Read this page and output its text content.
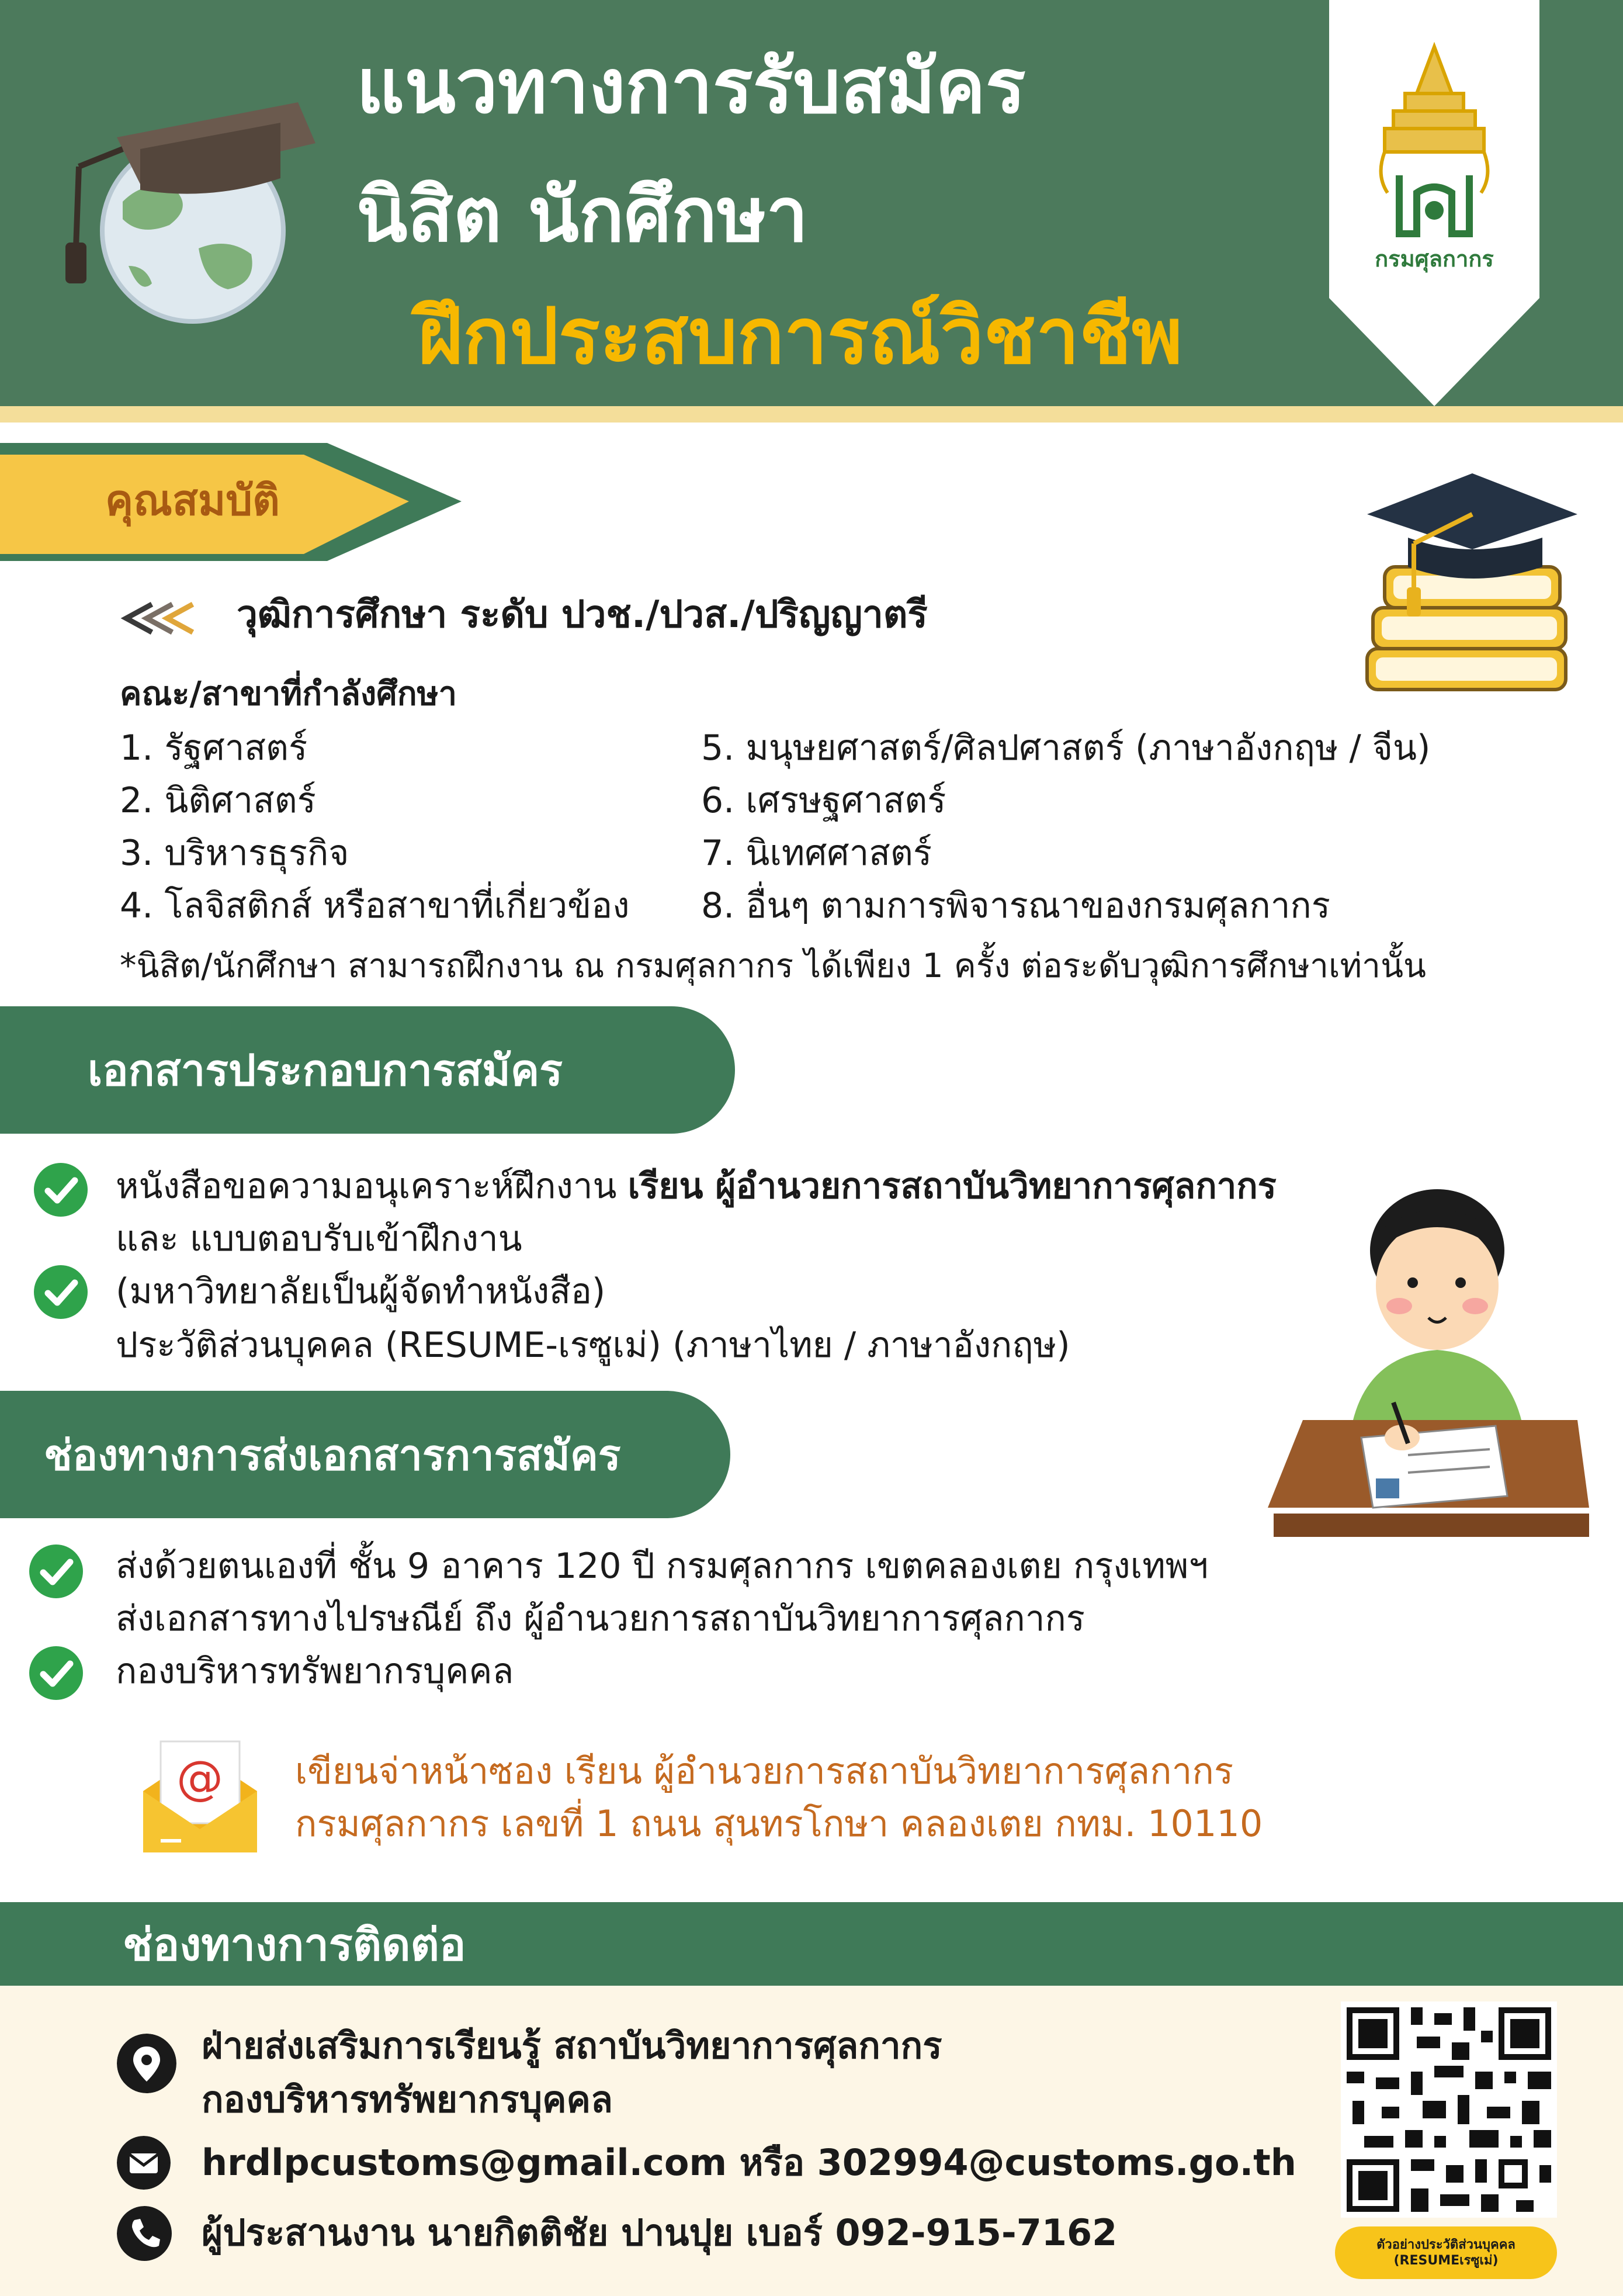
แนวทางการรับสมัคร
นิสิต นักศึกษา
ฝึกประสบการณ์วิชาชีพ
กรมศุลกากร
คุณสมบัติ
วุฒิการศึกษา ระดับ ปวช./ปวส./ปริญญาตรี
คณะ/สาขาที่กำลังศึกษา
1. รัฐศาสตร์
2. นิติศาสตร์
3. บริหารธุรกิจ
4. โลจิสติกส์ หรือสาขาที่เกี่ยวข้อง
5. มนุษยศาสตร์/ศิลปศาสตร์ (ภาษาอังกฤษ / จีน)
6. เศรษฐศาสตร์
7. นิเทศศาสตร์
8. อื่นๆ ตามการพิจารณาของกรมศุลกากร
*นิสิต/นักศึกษา สามารถฝึกงาน ณ กรมศุลกากร ได้เพียง 1 ครั้ง ต่อระดับวุฒิการศึกษาเท่านั้น
เอกสารประกอบการสมัคร
หนังสือขอความอนุเคราะห์ฝึกงาน เรียน ผู้อำนวยการสถาบันวิทยาการศุลกากร
และ แบบตอบรับเข้าฝึกงาน
(มหาวิทยาลัยเป็นผู้จัดทำหนังสือ)
ประวัติส่วนบุคคล (RESUME-เรซูเม่) (ภาษาไทย / ภาษาอังกฤษ)
ช่องทางการส่งเอกสารการสมัคร
ส่งด้วยตนเองที่ ชั้น 9 อาคาร 120 ปี กรมศุลกากร เขตคลองเตย กรุงเทพฯ
ส่งเอกสารทางไปรษณีย์ ถึง ผู้อำนวยการสถาบันวิทยาการศุลกากร
กองบริหารทรัพยากรบุคคล
@ เขียนจ่าหน้าซอง เรียน ผู้อำนวยการสถาบันวิทยาการศุลกากร
กรมศุลกากร เลขที่ 1 ถนน สุนทรโกษา คลองเตย กทม. 10110
ช่องทางการติดต่อ
ฝ่ายส่งเสริมการเรียนรู้ สถาบันวิทยาการศุลกากร
กองบริหารทรัพยากรบุคคล
hrdlpcustoms@gmail.com หรือ 302994@customs.go.th
ผู้ประสานงาน นายกิตติชัย ปานปุย เบอร์ 092-915-7162	ตัวอย่างประวัติส่วนบุคคล
(RESUMEเรซูเม่)
